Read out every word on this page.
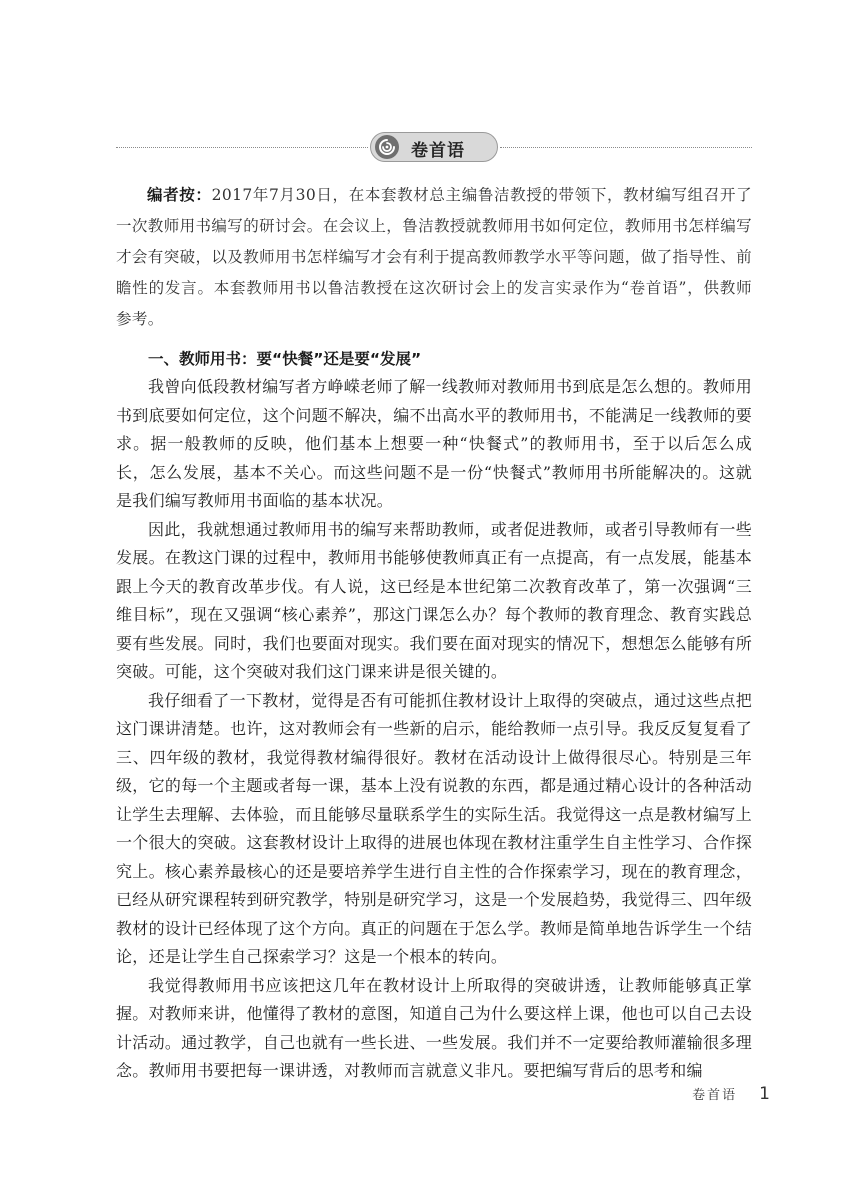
卷首语
编者按：2017年7月30日，在本套教材总主编鲁洁教授的带领下，教材编写组召开了一次教师用书编写的研讨会。在会议上，鲁洁教授就教师用书如何定位，教师用书怎样编写才会有突破，以及教师用书怎样编写才会有利于提高教师教学水平等问题，做了指导性、前瞻性的发言。本套教师用书以鲁洁教授在这次研讨会上的发言实录作为“卷首语”，供教师参考。
一、教师用书：要“快餐”还是要“发展”

我曾向低段教材编写者方峥嵘老师了解一线教师对教师用书到底是怎么想的。教师用书到底要如何定位，这个问题不解决，编不出高水平的教师用书，不能满足一线教师的要求。据一般教师的反映，他们基本上想要一种“快餐式”的教师用书，至于以后怎么成长，怎么发展，基本不关心。而这些问题不是一份“快餐式”教师用书所能解决的。这就是我们编写教师用书面临的基本状况。

因此，我就想通过教师用书的编写来帮助教师，或者促进教师，或者引导教师有一些发展。在教这门课的过程中，教师用书能够使教师真正有一点提高，有一点发展，能基本跟上今天的教育改革步伐。有人说，这已经是本世纪第二次教育改革了，第一次强调“三维目标”，现在又强调“核心素养”，那这门课怎么办？每个教师的教育理念、教育实践总要有些发展。同时，我们也要面对现实。我们要在面对现实的情况下，想想怎么能够有所突破。可能，这个突破对我们这门课来讲是很关键的。

我仔细看了一下教材，觉得是否有可能抓住教材设计上取得的突破点，通过这些点把这门课讲清楚。也许，这对教师会有一些新的启示，能给教师一点引导。我反反复复看了三、四年级的教材，我觉得教材编得很好。教材在活动设计上做得很尽心。特别是三年级，它的每一个主题或者每一课，基本上没有说教的东西，都是通过精心设计的各种活动让学生去理解、去体验，而且能够尽量联系学生的实际生活。我觉得这一点是教材编写上一个很大的突破。这套教材设计上取得的进展也体现在教材注重学生自主性学习、合作探究上。核心素养最核心的还是要培养学生进行自主性的合作探索学习，现在的教育理念，已经从研究课程转到研究教学，特别是研究学习，这是一个发展趋势，我觉得三、四年级教材的设计已经体现了这个方向。真正的问题在于怎么学。教师是简单地告诉学生一个结论，还是让学生自己探索学习？这是一个根本的转向。

我觉得教师用书应该把这几年在教材设计上所取得的突破讲透，让教师能够真正掌握。对教师来讲，他懂得了教材的意图，知道自己为什么要这样上课，他也可以自己去设计活动。通过教学，自己也就有一些长进、一些发展。我们并不一定要给教师灌输很多理念。教师用书要把每一课讲透，对教师而言就意义非凡。要把编写背后的思考和编

卷首语 1
